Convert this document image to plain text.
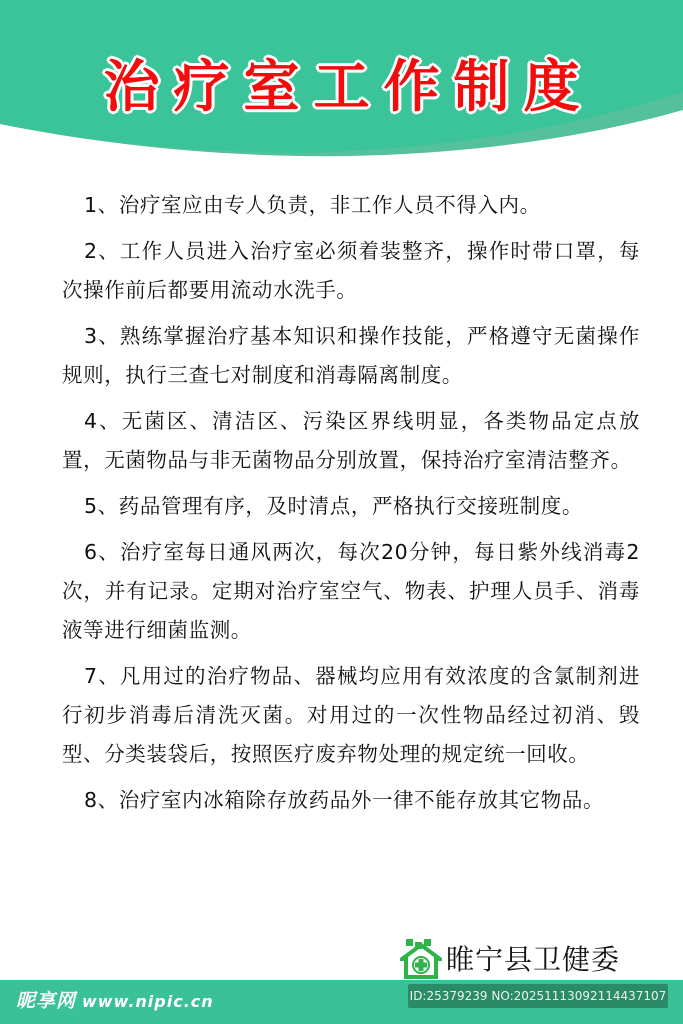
治疗室工作制度

1、治疗室应由专人负责，非工作人员不得入内。

2、工作人员进入治疗室必须着装整齐，操作时带口罩，每次操作前后都要用流动水洗手。

3、熟练掌握治疗基本知识和操作技能，严格遵守无菌操作规则，执行三查七对制度和消毒隔离制度。

4、无菌区、清洁区、污染区界线明显，各类物品定点放置，无菌物品与非无菌物品分别放置，保持治疗室清洁整齐。

5、药品管理有序，及时清点，严格执行交接班制度。

6、治疗室每日通风两次，每次20分钟，每日紫外线消毒2次，并有记录。定期对治疗室空气、物表、护理人员手、消毒液等进行细菌监测。

7、凡用过的治疗物品、器械均应用有效浓度的含氯制剂进行初步消毒后清洗灭菌。对用过的一次性物品经过初消、毁型、分类装袋后，按照医疗废弃物处理的规定统一回收。

8、治疗室内冰箱除存放药品外一律不能存放其它物品。

睢宁县卫健委
昵享网 www.nipic.cn	ID:25379239 NO:20251113092114437107
